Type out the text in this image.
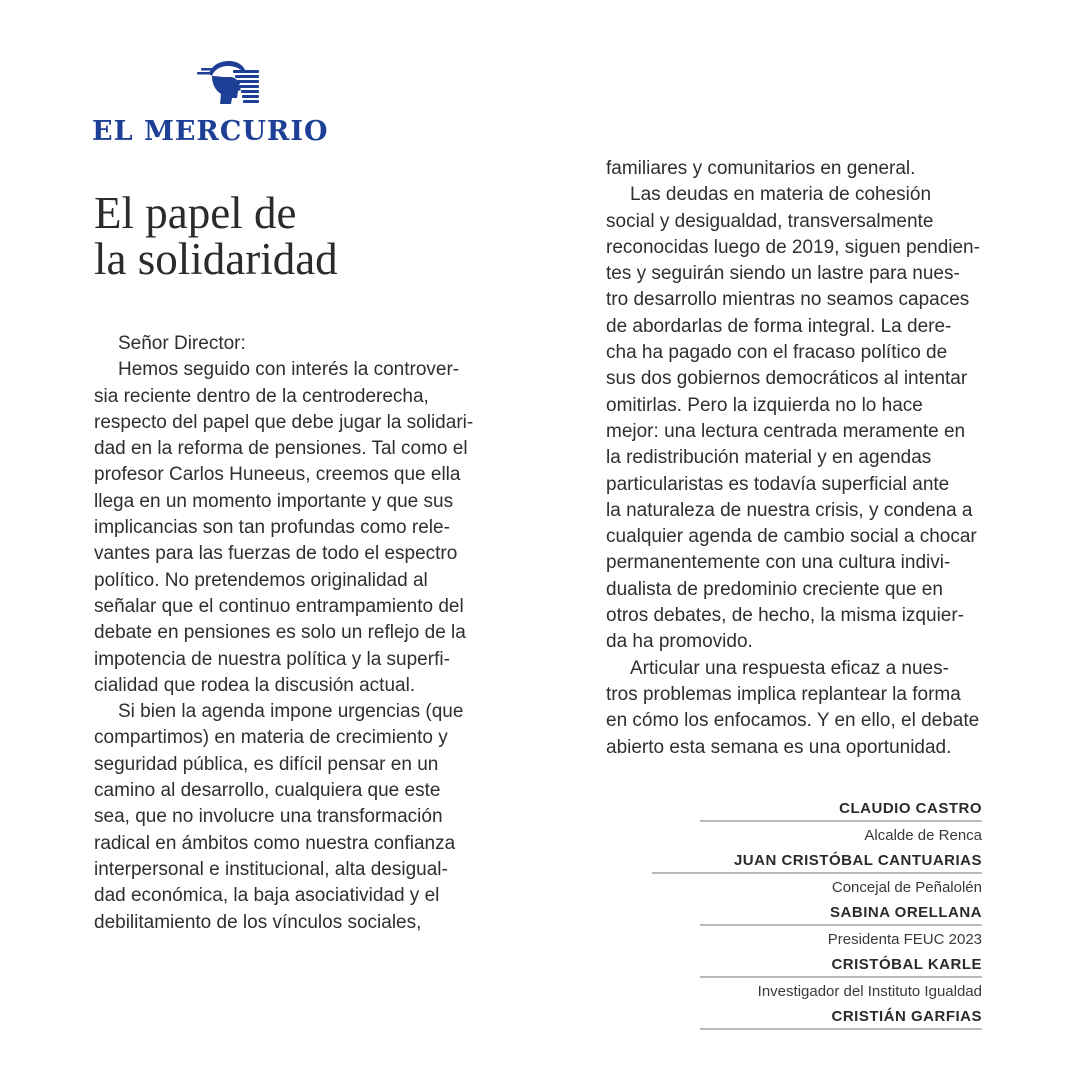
EL MERCURIO
El papel de
la solidaridad
Señor Director:
Hemos seguido con interés la controver-
sia reciente dentro de la centroderecha,
respecto del papel que debe jugar la solidari-
dad en la reforma de pensiones. Tal como el
profesor Carlos Huneeus, creemos que ella
llega en un momento importante y que sus
implicancias son tan profundas como rele-
vantes para las fuerzas de todo el espectro
político. No pretendemos originalidad al
señalar que el continuo entrampamiento del
debate en pensiones es solo un reflejo de la
impotencia de nuestra política y la superfi-
cialidad que rodea la discusión actual.
Si bien la agenda impone urgencias (que
compartimos) en materia de crecimiento y
seguridad pública, es difícil pensar en un
camino al desarrollo, cualquiera que este
sea, que no involucre una transformación
radical en ámbitos como nuestra confianza
interpersonal e institucional, alta desigual-
dad económica, la baja asociatividad y el
debilitamiento de los vínculos sociales,
familiares y comunitarios en general.
Las deudas en materia de cohesión
social y desigualdad, transversalmente
reconocidas luego de 2019, siguen pendien-
tes y seguirán siendo un lastre para nues-
tro desarrollo mientras no seamos capaces
de abordarlas de forma integral. La dere-
cha ha pagado con el fracaso político de
sus dos gobiernos democráticos al intentar
omitirlas. Pero la izquierda no lo hace
mejor: una lectura centrada meramente en
la redistribución material y en agendas
particularistas es todavía superficial ante
la naturaleza de nuestra crisis, y condena a
cualquier agenda de cambio social a chocar
permanentemente con una cultura indivi-
dualista de predominio creciente que en
otros debates, de hecho, la misma izquier-
da ha promovido.
Articular una respuesta eficaz a nues-
tros problemas implica replantear la forma
en cómo los enfocamos. Y en ello, el debate
abierto esta semana es una oportunidad.
CLAUDIO CASTRO
Alcalde de Renca
JUAN CRISTÓBAL CANTUARIAS
Concejal de Peñalolén
SABINA ORELLANA
Presidenta FEUC 2023
CRISTÓBAL KARLE
Investigador del Instituto Igualdad
CRISTIÁN GARFIAS
